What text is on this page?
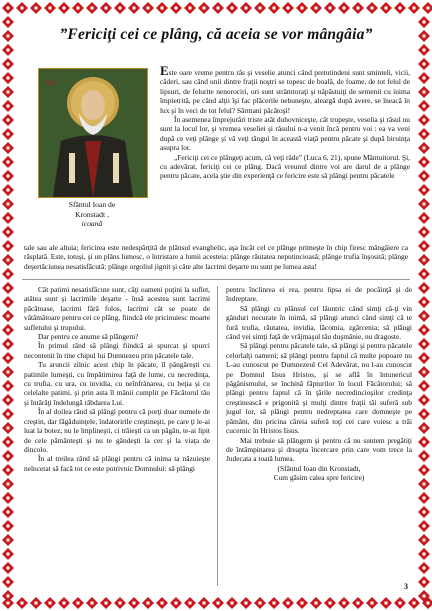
”Fericiţi cei ce plâng, că aceia se vor mângâia”
ІѠ
Sfântul Ioan de
Kronstadt ,
icoană

Este oare vreme pentru râs şi veselie atunci când pretutindeni sunt sminteli, vicii, căderi, sau când unii dintre fraţii noştri se topesc de boală, de foame, de tot felul de lipsuri, de felurite nenorociri, ori sunt strâmtoraţi şi năpăstuiţi de semenii cu inima împietrită, pe când alţii îşi fac plăcerile nebuneşte, aleargă după avere, se îneacă în lux şi în veci de tot felul? Sărmani păcătoşi!

În asemenea împrejurări triste atât duhovniceşte, cât trupeşte, veselia şi râsul nu sunt la locul lor, şi vremea veseliei şi râsului n-a venit încă pentru voi : ea va veni după ce veţi plânge şi vă veţi tângui în această viaţă pentru păcate şi după biruinţa asupra lor.

„Fericiţi cei ce plângeţi acum, că veţi râde” (Luca 6, 21), spune Mântuitorul. Şi, cu adevărat, fericiţi cei ce plâng. Dacă vreunul dintre voi are darul de a plânge pentru păcate, acela ştie din experienţă ce fericire este să plângi pentru păcatele

tale sau ale altuia; fericirea este nedespărţită de plânsul evanghelic, aşa încât cel ce plânge primeşte în chip firesc mângâiere ca răsplată. Este, totuşi, şi un plâns lumesc, o întristare a lumii acesteia: plânge răutatea neputincioasă; plânge trufia înşosită; plânge deşertăciunea nesatisfăcută; plânge orgoliul jignit şi câte alte lacrimi deşarte nu sunt pe lumea asta!

Cât patimi nesatisfăcute sunt, câţi oameni puţini la suflet, atâtea sunt şi lacrimile deşarte - însă acestea sunt lacrimi păcătoase, lacrimi fără folos, lacrimi cât se poate de vătămătoare pentru cei ce plâng, fiindcă ele pricinuiesc moarte sufletului şi trupului.

Dar pentru ce anume să plângem?

În primul rând să plângi fiindcă ai spurcat şi spurci necontenit în tine chipul lui Dumnezeu prin păcatele tale.

Tu aruncii zilnic acest chip în păcate, îl pângăreşti cu patimile lumeşti, cu împătimirea faţă de lume, cu necredinţa, cu trufia, cu ura, cu invidia, cu neînfrânarea, cu beţia şi cu celelalte patimi, şi prin asta îl mânii cumplit pe Făcătorul tău şi întărâţi îndelungă răbdarea Lui.

În al doilea rând să plângi pentru că porţi doar numele de creştin, dar făgăduinţele, îndatoririle creştineşti, pe care ţi le-ai luat la botez, nu le împlineşti, ci trăieşti ca un păgân, te-ai lipit de cele pământeşti şi nu te gândeşti la cer şi la viaţa de dincolo.

În al treilea rând să plângi pentru că inima ta năzuieşte neîncetat să facă tot ce este potrivnic Domnului: să plângi

pentru înclinrea ei rea, pentru lipsa ei de pocăinţă şi de îndreptare.

Să plângi cu plânsul cel lăuntric când simţi că-ţi vin gânduri necurate în inimă, să plângi atunci când simţi că te fură trufia, răutatea, invidia, lăcomia, zgârcenia; să plângi când vei simţi faţă de vrăjmaşul tău duşmănie, nu dragoste.

Să plângi pentru păcatele tale, să plângi şi pentru păcatele celorlalţi oameni; să plângi pentru faptul că multe popoare nu L-au cunoscut pe Dumnezeul Cel Adevărat, nu l-au cunoscut pe Domnul Iisus Hristos, şi se află în întunericul păgânismului, se închină făpturilor în locul Făcătorului; să plângi pentru faptul că în ţările necredincioşilor credinţa creştinească e prigonită şi mulţi dintre fraţii tăi suferă sub jugul lor, să plângi pentru nedreptatea care domneşte pe pământ, din pricina căreia suferă toţi cei care voiesc a trăi cucernic în Hristos Iisus.

Mai trebuie să plângem şi pentru că nu suntem pregătiţi de întâmpinarea şi dreapta încercare prin care vom trece la Judecata a toată lumea.

(Sfântul Ioan din Kronstadt,
Cum găsim calea spre fericire)
3
